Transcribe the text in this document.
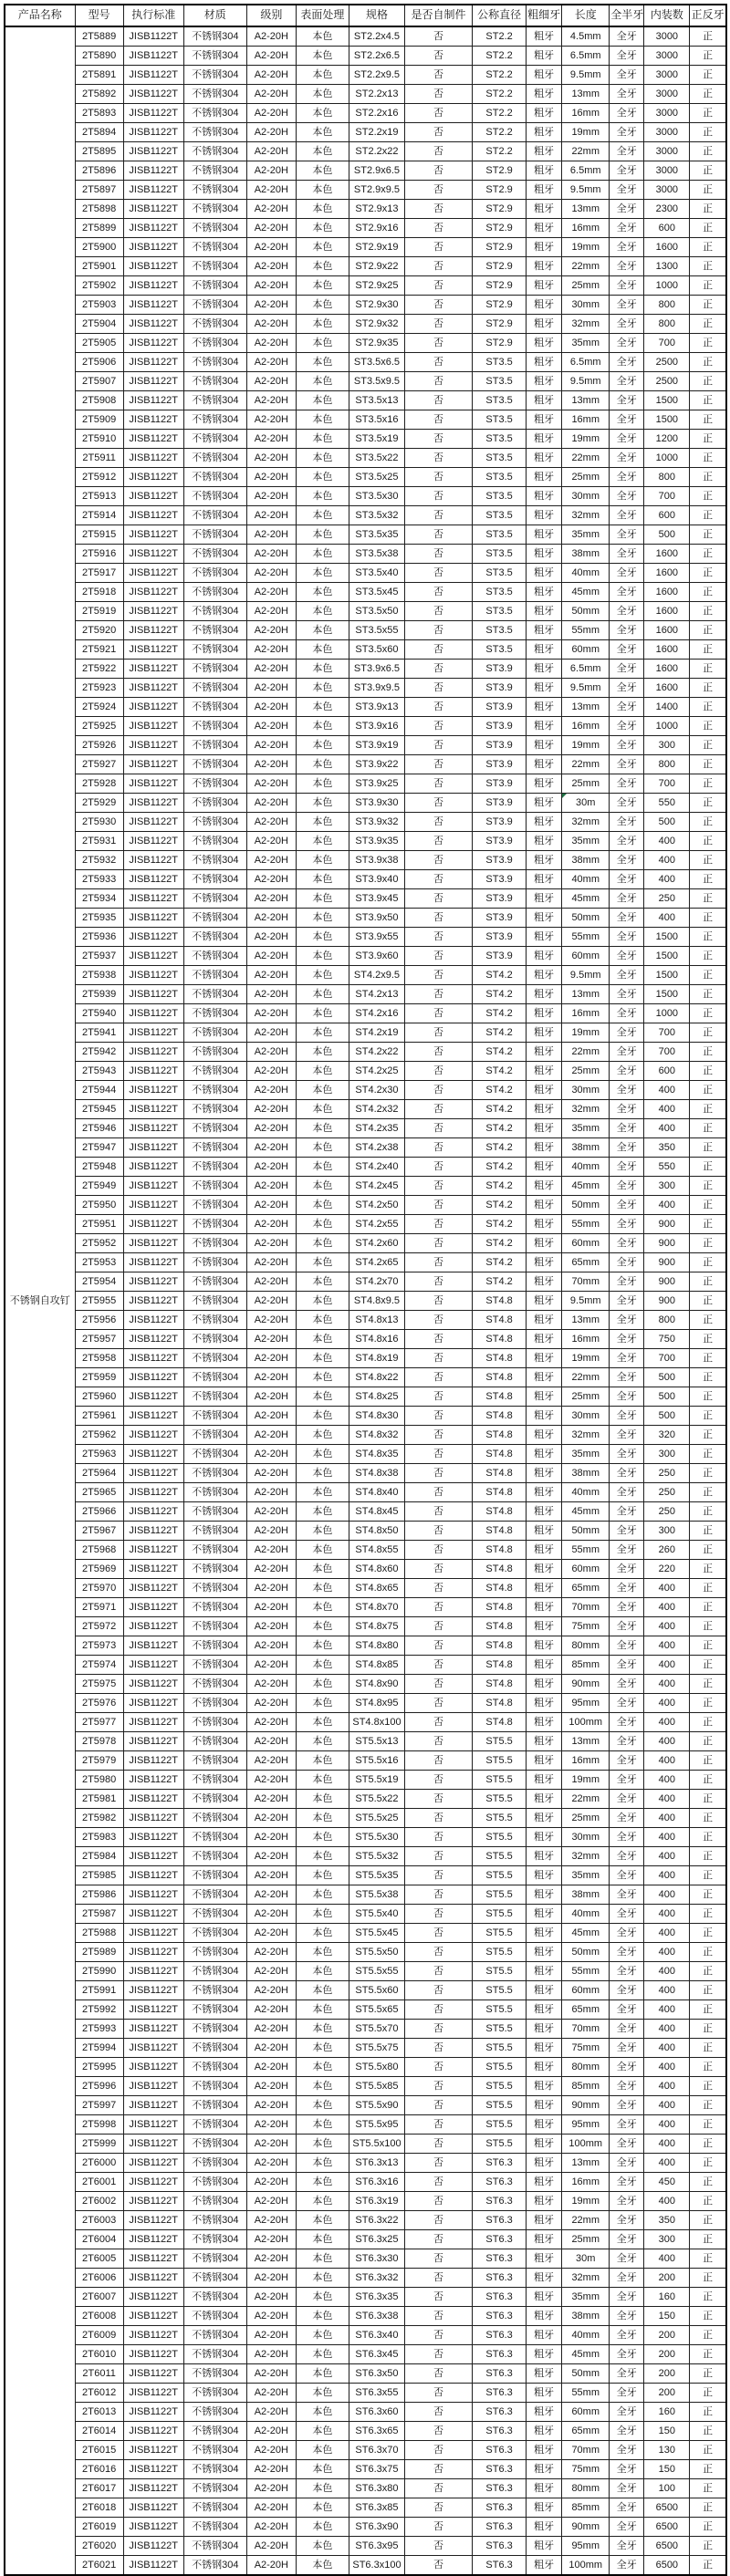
产品名称	型号	执行标准	材质	级别	表面处理	规格	是否自制件	公称直径	粗细牙	长度	全半牙	内装数	正反牙
不锈钢自攻钉	2T5889	JISB1122T	不锈钢304	A2-20H	本色	ST2.2x4.5	否	ST2.2	粗牙	4.5mm	全牙	3000	正
	2T5890	JISB1122T	不锈钢304	A2-20H	本色	ST2.2x6.5	否	ST2.2	粗牙	6.5mm	全牙	3000	正
	2T5891	JISB1122T	不锈钢304	A2-20H	本色	ST2.2x9.5	否	ST2.2	粗牙	9.5mm	全牙	3000	正
	2T5892	JISB1122T	不锈钢304	A2-20H	本色	ST2.2x13	否	ST2.2	粗牙	13mm	全牙	3000	正
	2T5893	JISB1122T	不锈钢304	A2-20H	本色	ST2.2x16	否	ST2.2	粗牙	16mm	全牙	3000	正
	2T5894	JISB1122T	不锈钢304	A2-20H	本色	ST2.2x19	否	ST2.2	粗牙	19mm	全牙	3000	正
	2T5895	JISB1122T	不锈钢304	A2-20H	本色	ST2.2x22	否	ST2.2	粗牙	22mm	全牙	3000	正
	2T5896	JISB1122T	不锈钢304	A2-20H	本色	ST2.9x6.5	否	ST2.9	粗牙	6.5mm	全牙	3000	正
	2T5897	JISB1122T	不锈钢304	A2-20H	本色	ST2.9x9.5	否	ST2.9	粗牙	9.5mm	全牙	3000	正
	2T5898	JISB1122T	不锈钢304	A2-20H	本色	ST2.9x13	否	ST2.9	粗牙	13mm	全牙	2300	正
	2T5899	JISB1122T	不锈钢304	A2-20H	本色	ST2.9x16	否	ST2.9	粗牙	16mm	全牙	600	正
	2T5900	JISB1122T	不锈钢304	A2-20H	本色	ST2.9x19	否	ST2.9	粗牙	19mm	全牙	1600	正
	2T5901	JISB1122T	不锈钢304	A2-20H	本色	ST2.9x22	否	ST2.9	粗牙	22mm	全牙	1300	正
	2T5902	JISB1122T	不锈钢304	A2-20H	本色	ST2.9x25	否	ST2.9	粗牙	25mm	全牙	1000	正
	2T5903	JISB1122T	不锈钢304	A2-20H	本色	ST2.9x30	否	ST2.9	粗牙	30mm	全牙	800	正
	2T5904	JISB1122T	不锈钢304	A2-20H	本色	ST2.9x32	否	ST2.9	粗牙	32mm	全牙	800	正
	2T5905	JISB1122T	不锈钢304	A2-20H	本色	ST2.9x35	否	ST2.9	粗牙	35mm	全牙	700	正
	2T5906	JISB1122T	不锈钢304	A2-20H	本色	ST3.5x6.5	否	ST3.5	粗牙	6.5mm	全牙	2500	正
	2T5907	JISB1122T	不锈钢304	A2-20H	本色	ST3.5x9.5	否	ST3.5	粗牙	9.5mm	全牙	2500	正
	2T5908	JISB1122T	不锈钢304	A2-20H	本色	ST3.5x13	否	ST3.5	粗牙	13mm	全牙	1500	正
	2T5909	JISB1122T	不锈钢304	A2-20H	本色	ST3.5x16	否	ST3.5	粗牙	16mm	全牙	1500	正
	2T5910	JISB1122T	不锈钢304	A2-20H	本色	ST3.5x19	否	ST3.5	粗牙	19mm	全牙	1200	正
	2T5911	JISB1122T	不锈钢304	A2-20H	本色	ST3.5x22	否	ST3.5	粗牙	22mm	全牙	1000	正
	2T5912	JISB1122T	不锈钢304	A2-20H	本色	ST3.5x25	否	ST3.5	粗牙	25mm	全牙	800	正
	2T5913	JISB1122T	不锈钢304	A2-20H	本色	ST3.5x30	否	ST3.5	粗牙	30mm	全牙	700	正
	2T5914	JISB1122T	不锈钢304	A2-20H	本色	ST3.5x32	否	ST3.5	粗牙	32mm	全牙	600	正
	2T5915	JISB1122T	不锈钢304	A2-20H	本色	ST3.5x35	否	ST3.5	粗牙	35mm	全牙	500	正
	2T5916	JISB1122T	不锈钢304	A2-20H	本色	ST3.5x38	否	ST3.5	粗牙	38mm	全牙	1600	正
	2T5917	JISB1122T	不锈钢304	A2-20H	本色	ST3.5x40	否	ST3.5	粗牙	40mm	全牙	1600	正
	2T5918	JISB1122T	不锈钢304	A2-20H	本色	ST3.5x45	否	ST3.5	粗牙	45mm	全牙	1600	正
	2T5919	JISB1122T	不锈钢304	A2-20H	本色	ST3.5x50	否	ST3.5	粗牙	50mm	全牙	1600	正
	2T5920	JISB1122T	不锈钢304	A2-20H	本色	ST3.5x55	否	ST3.5	粗牙	55mm	全牙	1600	正
	2T5921	JISB1122T	不锈钢304	A2-20H	本色	ST3.5x60	否	ST3.5	粗牙	60mm	全牙	1600	正
	2T5922	JISB1122T	不锈钢304	A2-20H	本色	ST3.9x6.5	否	ST3.9	粗牙	6.5mm	全牙	1600	正
	2T5923	JISB1122T	不锈钢304	A2-20H	本色	ST3.9x9.5	否	ST3.9	粗牙	9.5mm	全牙	1600	正
	2T5924	JISB1122T	不锈钢304	A2-20H	本色	ST3.9x13	否	ST3.9	粗牙	13mm	全牙	1400	正
	2T5925	JISB1122T	不锈钢304	A2-20H	本色	ST3.9x16	否	ST3.9	粗牙	16mm	全牙	1000	正
	2T5926	JISB1122T	不锈钢304	A2-20H	本色	ST3.9x19	否	ST3.9	粗牙	19mm	全牙	300	正
	2T5927	JISB1122T	不锈钢304	A2-20H	本色	ST3.9x22	否	ST3.9	粗牙	22mm	全牙	800	正
	2T5928	JISB1122T	不锈钢304	A2-20H	本色	ST3.9x25	否	ST3.9	粗牙	25mm	全牙	700	正
	2T5929	JISB1122T	不锈钢304	A2-20H	本色	ST3.9x30	否	ST3.9	粗牙	30m	全牙	550	正
	2T5930	JISB1122T	不锈钢304	A2-20H	本色	ST3.9x32	否	ST3.9	粗牙	32mm	全牙	500	正
	2T5931	JISB1122T	不锈钢304	A2-20H	本色	ST3.9x35	否	ST3.9	粗牙	35mm	全牙	400	正
	2T5932	JISB1122T	不锈钢304	A2-20H	本色	ST3.9x38	否	ST3.9	粗牙	38mm	全牙	400	正
	2T5933	JISB1122T	不锈钢304	A2-20H	本色	ST3.9x40	否	ST3.9	粗牙	40mm	全牙	400	正
	2T5934	JISB1122T	不锈钢304	A2-20H	本色	ST3.9x45	否	ST3.9	粗牙	45mm	全牙	250	正
	2T5935	JISB1122T	不锈钢304	A2-20H	本色	ST3.9x50	否	ST3.9	粗牙	50mm	全牙	400	正
	2T5936	JISB1122T	不锈钢304	A2-20H	本色	ST3.9x55	否	ST3.9	粗牙	55mm	全牙	1500	正
	2T5937	JISB1122T	不锈钢304	A2-20H	本色	ST3.9x60	否	ST3.9	粗牙	60mm	全牙	1500	正
	2T5938	JISB1122T	不锈钢304	A2-20H	本色	ST4.2x9.5	否	ST4.2	粗牙	9.5mm	全牙	1500	正
	2T5939	JISB1122T	不锈钢304	A2-20H	本色	ST4.2x13	否	ST4.2	粗牙	13mm	全牙	1500	正
	2T5940	JISB1122T	不锈钢304	A2-20H	本色	ST4.2x16	否	ST4.2	粗牙	16mm	全牙	1000	正
	2T5941	JISB1122T	不锈钢304	A2-20H	本色	ST4.2x19	否	ST4.2	粗牙	19mm	全牙	700	正
	2T5942	JISB1122T	不锈钢304	A2-20H	本色	ST4.2x22	否	ST4.2	粗牙	22mm	全牙	700	正
	2T5943	JISB1122T	不锈钢304	A2-20H	本色	ST4.2x25	否	ST4.2	粗牙	25mm	全牙	600	正
	2T5944	JISB1122T	不锈钢304	A2-20H	本色	ST4.2x30	否	ST4.2	粗牙	30mm	全牙	400	正
	2T5945	JISB1122T	不锈钢304	A2-20H	本色	ST4.2x32	否	ST4.2	粗牙	32mm	全牙	400	正
	2T5946	JISB1122T	不锈钢304	A2-20H	本色	ST4.2x35	否	ST4.2	粗牙	35mm	全牙	400	正
	2T5947	JISB1122T	不锈钢304	A2-20H	本色	ST4.2x38	否	ST4.2	粗牙	38mm	全牙	350	正
	2T5948	JISB1122T	不锈钢304	A2-20H	本色	ST4.2x40	否	ST4.2	粗牙	40mm	全牙	550	正
	2T5949	JISB1122T	不锈钢304	A2-20H	本色	ST4.2x45	否	ST4.2	粗牙	45mm	全牙	300	正
	2T5950	JISB1122T	不锈钢304	A2-20H	本色	ST4.2x50	否	ST4.2	粗牙	50mm	全牙	400	正
	2T5951	JISB1122T	不锈钢304	A2-20H	本色	ST4.2x55	否	ST4.2	粗牙	55mm	全牙	900	正
	2T5952	JISB1122T	不锈钢304	A2-20H	本色	ST4.2x60	否	ST4.2	粗牙	60mm	全牙	900	正
	2T5953	JISB1122T	不锈钢304	A2-20H	本色	ST4.2x65	否	ST4.2	粗牙	65mm	全牙	900	正
	2T5954	JISB1122T	不锈钢304	A2-20H	本色	ST4.2x70	否	ST4.2	粗牙	70mm	全牙	900	正
	2T5955	JISB1122T	不锈钢304	A2-20H	本色	ST4.8x9.5	否	ST4.8	粗牙	9.5mm	全牙	900	正
	2T5956	JISB1122T	不锈钢304	A2-20H	本色	ST4.8x13	否	ST4.8	粗牙	13mm	全牙	800	正
	2T5957	JISB1122T	不锈钢304	A2-20H	本色	ST4.8x16	否	ST4.8	粗牙	16mm	全牙	750	正
	2T5958	JISB1122T	不锈钢304	A2-20H	本色	ST4.8x19	否	ST4.8	粗牙	19mm	全牙	700	正
	2T5959	JISB1122T	不锈钢304	A2-20H	本色	ST4.8x22	否	ST4.8	粗牙	22mm	全牙	500	正
	2T5960	JISB1122T	不锈钢304	A2-20H	本色	ST4.8x25	否	ST4.8	粗牙	25mm	全牙	500	正
	2T5961	JISB1122T	不锈钢304	A2-20H	本色	ST4.8x30	否	ST4.8	粗牙	30mm	全牙	500	正
	2T5962	JISB1122T	不锈钢304	A2-20H	本色	ST4.8x32	否	ST4.8	粗牙	32mm	全牙	320	正
	2T5963	JISB1122T	不锈钢304	A2-20H	本色	ST4.8x35	否	ST4.8	粗牙	35mm	全牙	300	正
	2T5964	JISB1122T	不锈钢304	A2-20H	本色	ST4.8x38	否	ST4.8	粗牙	38mm	全牙	250	正
	2T5965	JISB1122T	不锈钢304	A2-20H	本色	ST4.8x40	否	ST4.8	粗牙	40mm	全牙	250	正
	2T5966	JISB1122T	不锈钢304	A2-20H	本色	ST4.8x45	否	ST4.8	粗牙	45mm	全牙	250	正
	2T5967	JISB1122T	不锈钢304	A2-20H	本色	ST4.8x50	否	ST4.8	粗牙	50mm	全牙	300	正
	2T5968	JISB1122T	不锈钢304	A2-20H	本色	ST4.8x55	否	ST4.8	粗牙	55mm	全牙	260	正
	2T5969	JISB1122T	不锈钢304	A2-20H	本色	ST4.8x60	否	ST4.8	粗牙	60mm	全牙	220	正
	2T5970	JISB1122T	不锈钢304	A2-20H	本色	ST4.8x65	否	ST4.8	粗牙	65mm	全牙	400	正
	2T5971	JISB1122T	不锈钢304	A2-20H	本色	ST4.8x70	否	ST4.8	粗牙	70mm	全牙	400	正
	2T5972	JISB1122T	不锈钢304	A2-20H	本色	ST4.8x75	否	ST4.8	粗牙	75mm	全牙	400	正
	2T5973	JISB1122T	不锈钢304	A2-20H	本色	ST4.8x80	否	ST4.8	粗牙	80mm	全牙	400	正
	2T5974	JISB1122T	不锈钢304	A2-20H	本色	ST4.8x85	否	ST4.8	粗牙	85mm	全牙	400	正
	2T5975	JISB1122T	不锈钢304	A2-20H	本色	ST4.8x90	否	ST4.8	粗牙	90mm	全牙	400	正
	2T5976	JISB1122T	不锈钢304	A2-20H	本色	ST4.8x95	否	ST4.8	粗牙	95mm	全牙	400	正
	2T5977	JISB1122T	不锈钢304	A2-20H	本色	ST4.8x100	否	ST4.8	粗牙	100mm	全牙	400	正
	2T5978	JISB1122T	不锈钢304	A2-20H	本色	ST5.5x13	否	ST5.5	粗牙	13mm	全牙	400	正
	2T5979	JISB1122T	不锈钢304	A2-20H	本色	ST5.5x16	否	ST5.5	粗牙	16mm	全牙	400	正
	2T5980	JISB1122T	不锈钢304	A2-20H	本色	ST5.5x19	否	ST5.5	粗牙	19mm	全牙	400	正
	2T5981	JISB1122T	不锈钢304	A2-20H	本色	ST5.5x22	否	ST5.5	粗牙	22mm	全牙	400	正
	2T5982	JISB1122T	不锈钢304	A2-20H	本色	ST5.5x25	否	ST5.5	粗牙	25mm	全牙	400	正
	2T5983	JISB1122T	不锈钢304	A2-20H	本色	ST5.5x30	否	ST5.5	粗牙	30mm	全牙	400	正
	2T5984	JISB1122T	不锈钢304	A2-20H	本色	ST5.5x32	否	ST5.5	粗牙	32mm	全牙	400	正
	2T5985	JISB1122T	不锈钢304	A2-20H	本色	ST5.5x35	否	ST5.5	粗牙	35mm	全牙	400	正
	2T5986	JISB1122T	不锈钢304	A2-20H	本色	ST5.5x38	否	ST5.5	粗牙	38mm	全牙	400	正
	2T5987	JISB1122T	不锈钢304	A2-20H	本色	ST5.5x40	否	ST5.5	粗牙	40mm	全牙	400	正
	2T5988	JISB1122T	不锈钢304	A2-20H	本色	ST5.5x45	否	ST5.5	粗牙	45mm	全牙	400	正
	2T5989	JISB1122T	不锈钢304	A2-20H	本色	ST5.5x50	否	ST5.5	粗牙	50mm	全牙	400	正
	2T5990	JISB1122T	不锈钢304	A2-20H	本色	ST5.5x55	否	ST5.5	粗牙	55mm	全牙	400	正
	2T5991	JISB1122T	不锈钢304	A2-20H	本色	ST5.5x60	否	ST5.5	粗牙	60mm	全牙	400	正
	2T5992	JISB1122T	不锈钢304	A2-20H	本色	ST5.5x65	否	ST5.5	粗牙	65mm	全牙	400	正
	2T5993	JISB1122T	不锈钢304	A2-20H	本色	ST5.5x70	否	ST5.5	粗牙	70mm	全牙	400	正
	2T5994	JISB1122T	不锈钢304	A2-20H	本色	ST5.5x75	否	ST5.5	粗牙	75mm	全牙	400	正
	2T5995	JISB1122T	不锈钢304	A2-20H	本色	ST5.5x80	否	ST5.5	粗牙	80mm	全牙	400	正
	2T5996	JISB1122T	不锈钢304	A2-20H	本色	ST5.5x85	否	ST5.5	粗牙	85mm	全牙	400	正
	2T5997	JISB1122T	不锈钢304	A2-20H	本色	ST5.5x90	否	ST5.5	粗牙	90mm	全牙	400	正
	2T5998	JISB1122T	不锈钢304	A2-20H	本色	ST5.5x95	否	ST5.5	粗牙	95mm	全牙	400	正
	2T5999	JISB1122T	不锈钢304	A2-20H	本色	ST5.5x100	否	ST5.5	粗牙	100mm	全牙	400	正
	2T6000	JISB1122T	不锈钢304	A2-20H	本色	ST6.3x13	否	ST6.3	粗牙	13mm	全牙	400	正
	2T6001	JISB1122T	不锈钢304	A2-20H	本色	ST6.3x16	否	ST6.3	粗牙	16mm	全牙	450	正
	2T6002	JISB1122T	不锈钢304	A2-20H	本色	ST6.3x19	否	ST6.3	粗牙	19mm	全牙	400	正
	2T6003	JISB1122T	不锈钢304	A2-20H	本色	ST6.3x22	否	ST6.3	粗牙	22mm	全牙	350	正
	2T6004	JISB1122T	不锈钢304	A2-20H	本色	ST6.3x25	否	ST6.3	粗牙	25mm	全牙	300	正
	2T6005	JISB1122T	不锈钢304	A2-20H	本色	ST6.3x30	否	ST6.3	粗牙	30m	全牙	400	正
	2T6006	JISB1122T	不锈钢304	A2-20H	本色	ST6.3x32	否	ST6.3	粗牙	32mm	全牙	200	正
	2T6007	JISB1122T	不锈钢304	A2-20H	本色	ST6.3x35	否	ST6.3	粗牙	35mm	全牙	160	正
	2T6008	JISB1122T	不锈钢304	A2-20H	本色	ST6.3x38	否	ST6.3	粗牙	38mm	全牙	150	正
	2T6009	JISB1122T	不锈钢304	A2-20H	本色	ST6.3x40	否	ST6.3	粗牙	40mm	全牙	200	正
	2T6010	JISB1122T	不锈钢304	A2-20H	本色	ST6.3x45	否	ST6.3	粗牙	45mm	全牙	200	正
	2T6011	JISB1122T	不锈钢304	A2-20H	本色	ST6.3x50	否	ST6.3	粗牙	50mm	全牙	200	正
	2T6012	JISB1122T	不锈钢304	A2-20H	本色	ST6.3x55	否	ST6.3	粗牙	55mm	全牙	200	正
	2T6013	JISB1122T	不锈钢304	A2-20H	本色	ST6.3x60	否	ST6.3	粗牙	60mm	全牙	160	正
	2T6014	JISB1122T	不锈钢304	A2-20H	本色	ST6.3x65	否	ST6.3	粗牙	65mm	全牙	150	正
	2T6015	JISB1122T	不锈钢304	A2-20H	本色	ST6.3x70	否	ST6.3	粗牙	70mm	全牙	130	正
	2T6016	JISB1122T	不锈钢304	A2-20H	本色	ST6.3x75	否	ST6.3	粗牙	75mm	全牙	150	正
	2T6017	JISB1122T	不锈钢304	A2-20H	本色	ST6.3x80	否	ST6.3	粗牙	80mm	全牙	100	正
	2T6018	JISB1122T	不锈钢304	A2-20H	本色	ST6.3x85	否	ST6.3	粗牙	85mm	全牙	6500	正
	2T6019	JISB1122T	不锈钢304	A2-20H	本色	ST6.3x90	否	ST6.3	粗牙	90mm	全牙	6500	正
	2T6020	JISB1122T	不锈钢304	A2-20H	本色	ST6.3x95	否	ST6.3	粗牙	95mm	全牙	6500	正
	2T6021	JISB1122T	不锈钢304	A2-20H	本色	ST6.3x100	否	ST6.3	粗牙	100mm	全牙	6500	正
